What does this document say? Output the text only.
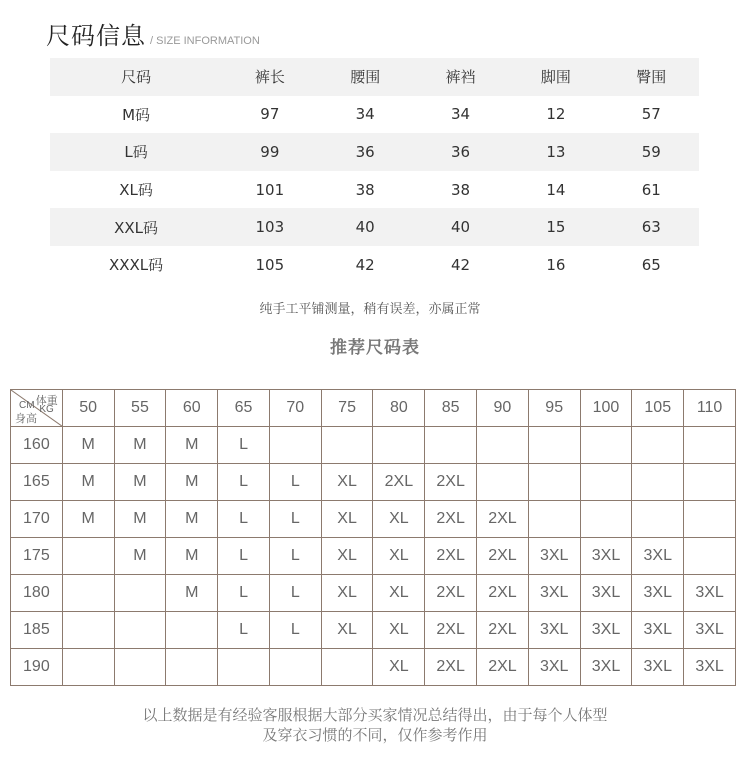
尺码信息 / SIZE INFORMATION
尺码	裤长	腰围	裤裆	脚围	臀围
M码	97	34	34	12	57
L码	99	36	36	13	59
XL码	101	38	38	14	61
XXL码	103	40	40	15	63
XXXL码	105	42	42	16	65
纯手工平铺测量，稍有误差，亦属正常
推荐尺码表
体重
KG
CM
身高	50	55	60	65	70	75	80	85	90	95	100	105	110
160	M	M	M	L									
165	M	M	M	L	L	XL	2XL	2XL					
170	M	M	M	L	L	XL	XL	2XL	2XL				
175		M	M	L	L	XL	XL	2XL	2XL	3XL	3XL	3XL	
180			M	L	L	XL	XL	2XL	2XL	3XL	3XL	3XL	3XL
185				L	L	XL	XL	2XL	2XL	3XL	3XL	3XL	3XL
190							XL	2XL	2XL	3XL	3XL	3XL	3XL
以上数据是有经验客服根据大部分买家情况总结得出，由于每个人体型
及穿衣习惯的不同，仅作参考作用
